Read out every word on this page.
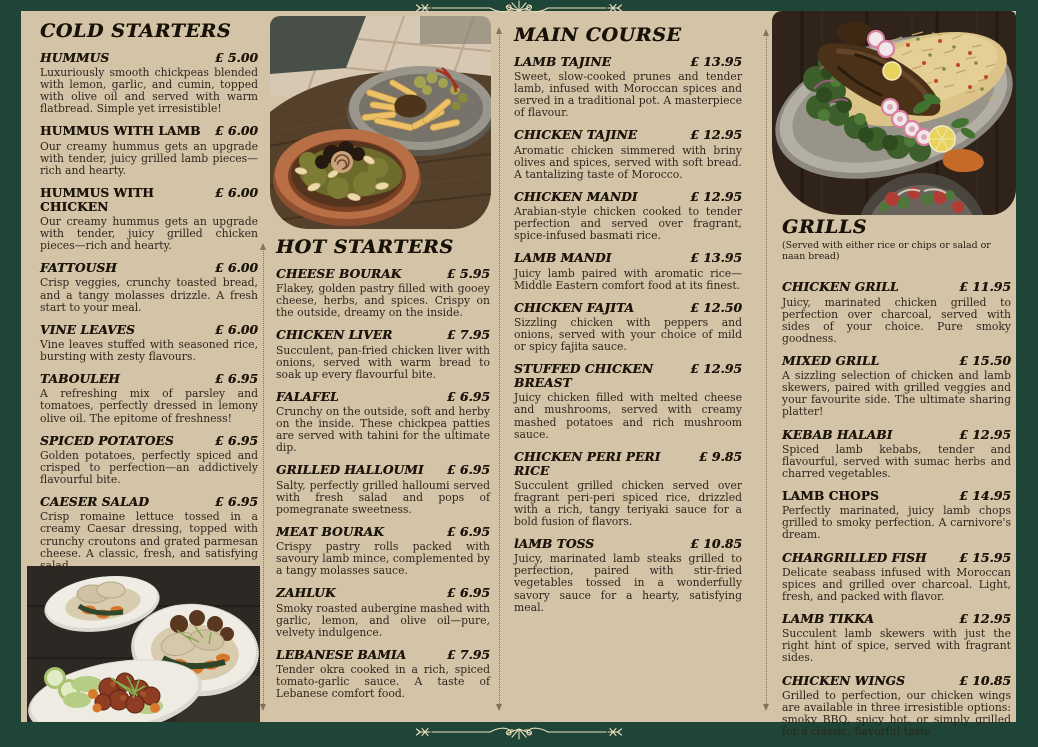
COLD STARTERS
HUMMUS	£ 5.00

Luxuriously smooth chickpeas blended with lemon, garlic, and cumin, topped with olive oil and served with warm flatbread. Simple yet irresistible!

HUMMUS WITH LAMB £ 6.00

Our creamy hummus gets an upgrade with tender, juicy grilled lamb pieces—rich and hearty.

HUMMUS WITH CHICKEN
£ 6.00

Our creamy hummus gets an upgrade with tender, juicy grilled chicken pieces—rich and hearty.

FATTOUSH	£ 6.00

Crisp veggies, crunchy toasted bread, and a tangy molasses drizzle. A fresh start to your meal.

VINE LEAVES	£ 6.00

Vine leaves stuffed with seasoned rice, bursting with zesty flavours.

TABOULEH	£ 6.95

A refreshing mix of parsley and tomatoes, perfectly dressed in lemony olive oil. The epitome of freshness!

SPICED POTATOES	£ 6.95

Golden potatoes, perfectly spiced and crisped to perfection—an addictively flavourful bite.

CAESER SALAD	£ 6.95

Crisp romaine lettuce tossed in a creamy Caesar dressing, topped with crunchy croutons and grated parmesan cheese. A classic, fresh, and satisfying salad.

HOT STARTERS
CHEESE BOURAK	£ 5.95

Flakey, golden pastry filled with gooey cheese, herbs, and spices. Crispy on the outside, dreamy on the inside.

CHICKEN LIVER	£ 7.95

Succulent, pan-fried chicken liver with onions, served with warm bread to soak up every flavourful bite.

FALAFEL	£ 6.95

Crunchy on the outside, soft and herby on the inside. These chickpea patties are served with tahini for the ultimate dip.

GRILLED HALLOUMI £ 6.95

Salty, perfectly grilled halloumi served with fresh salad and pops of pomegranate sweetness.

MEAT BOURAK	£ 6.95

Crispy pastry rolls packed with savoury lamb mince, complemented by a tangy molasses sauce.

ZAHLUK	£ 6.95

Smoky roasted aubergine mashed with garlic, lemon, and olive oil—pure, velvety indulgence.

LEBANESE BAMIA	£ 7.95

Tender okra cooked in a rich, spiced tomato-garlic sauce. A taste of Lebanese comfort food.

MAIN COURSE
LAMB TAJINE	£ 13.95

Sweet, slow-cooked prunes and tender lamb, infused with Moroccan spices and served in a traditional pot. A masterpiece of flavour.

CHICKEN TAJINE	£ 12.95

Aromatic chicken simmered with briny olives and spices, served with soft bread. A tantalizing taste of Morocco.

CHICKEN MANDI	£ 12.95

Arabian-style chicken cooked to tender perfection and served over fragrant, spice-infused basmati rice.

LAMB MANDI	£ 13.95

Juicy lamb paired with aromatic rice—Middle Eastern comfort food at its finest.

CHICKEN FAJITA	£ 12.50

Sizzling chicken with peppers and onions, served with your choice of mild or spicy fajita sauce.

STUFFED CHICKEN BREAST
£ 12.95

Juicy chicken filled with melted cheese and mushrooms, served with creamy mashed potatoes and rich mushroom sauce.

CHICKEN PERI PERI RICE
£ 9.85

Succulent grilled chicken served over fragrant peri-peri spiced rice, drizzled with a rich, tangy teriyaki sauce for a bold fusion of flavors.

lAMB TOSS	£ 10.85

Juicy, marinated lamb steaks grilled to perfection, paired with stir-fried vegetables tossed in a wonderfully savory sauce for a hearty, satisfying meal.

GRILLS

(Served with either rice or chips or salad or naan bread)

CHICKEN GRILL	£ 11.95

Juicy, marinated chicken grilled to perfection over charcoal, served with sides of your choice. Pure smoky goodness.

MIXED GRILL	£ 15.50

A sizzling selection of chicken and lamb skewers, paired with grilled veggies and your favourite side. The ultimate sharing platter!

KEBAB HALABI	£ 12.95

Spiced lamb kebabs, tender and flavourful, served with sumac herbs and charred vegetables.

LAMB CHOPS	£ 14.95

Perfectly marinated, juicy lamb chops grilled to smoky perfection. A carnivore's dream.

CHARGRILLED FISH	£ 15.95

Delicate seabass infused with Moroccan spices and grilled over charcoal. Light, fresh, and packed with flavor.

LAMB TIKKA	£ 12.95

Succulent lamb skewers with just the right hint of spice, served with fragrant sides.

CHICKEN WINGS	£ 10.85

Grilled to perfection, our chicken wings are available in three irresistible options: smoky BBQ, spicy hot, or simply grilled for a classic, flavorful taste.
